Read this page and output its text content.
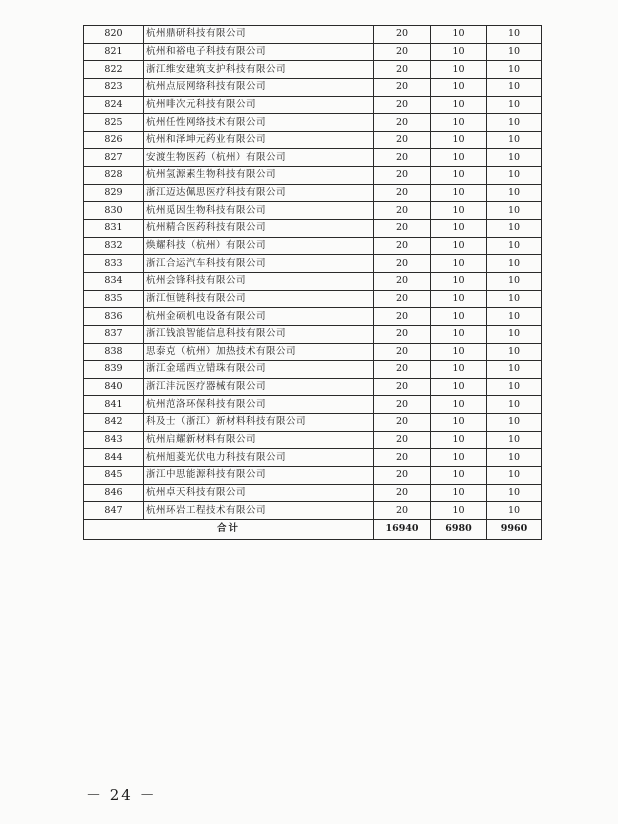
820	杭州鼎研科技有限公司	20	10	10
821	杭州和裕电子科技有限公司	20	10	10
822	浙江维安建筑支护科技有限公司	20	10	10
823	杭州点辰网络科技有限公司	20	10	10
824	杭州啡次元科技有限公司	20	10	10
825	杭州任性网络技术有限公司	20	10	10
826	杭州和泽坤元药业有限公司	20	10	10
827	安渡生物医药（杭州）有限公司	20	10	10
828	杭州氢源素生物科技有限公司	20	10	10
829	浙江迈达佩思医疗科技有限公司	20	10	10
830	杭州觅因生物科技有限公司	20	10	10
831	杭州精合医药科技有限公司	20	10	10
832	焕耀科技（杭州）有限公司	20	10	10
833	浙江合运汽车科技有限公司	20	10	10
834	杭州会锋科技有限公司	20	10	10
835	浙江恒链科技有限公司	20	10	10
836	杭州金硕机电设备有限公司	20	10	10
837	浙江钱浪智能信息科技有限公司	20	10	10
838	思泰克（杭州）加热技术有限公司	20	10	10
839	浙江金瑶西立错珠有限公司	20	10	10
840	浙江沣沅医疗器械有限公司	20	10	10
841	杭州范洛环保科技有限公司	20	10	10
842	科及士（浙江）新材料科技有限公司	20	10	10
843	杭州启耀新材料有限公司	20	10	10
844	杭州旭菱光伏电力科技有限公司	20	10	10
845	浙江中思能源科技有限公司	20	10	10
846	杭州卓天科技有限公司	20	10	10
847	杭州环岩工程技术有限公司	20	10	10
合计		16940	6980	9960
－ 24 －
